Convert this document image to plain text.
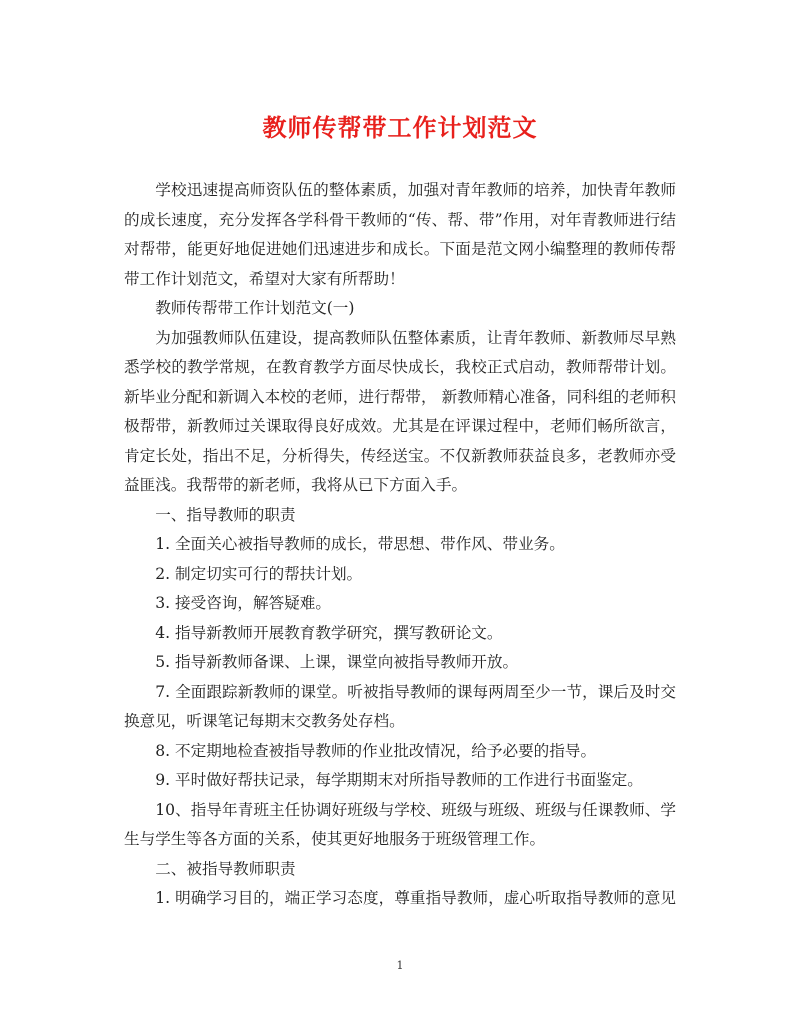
教师传帮带工作计划范文

学校迅速提高师资队伍的整体素质，加强对青年教师的培养，加快青年教师的成长速度，充分发挥各学科骨干教师的“传、帮、带”作用，对年青教师进行结对帮带，能更好地促进她们迅速进步和成长。下面是范文网小编整理的教师传帮带工作计划范文，希望对大家有所帮助！

教师传帮带工作计划范文(一)

为加强教师队伍建设，提高教师队伍整体素质，让青年教师、新教师尽早熟悉学校的教学常规，在教育教学方面尽快成长，我校正式启动，教师帮带计划。新毕业分配和新调入本校的老师，进行帮带， 新教师精心准备，同科组的老师积极帮带，新教师过关课取得良好成效。尤其是在评课过程中，老师们畅所欲言，肯定长处，指出不足，分析得失，传经送宝。不仅新教师获益良多，老教师亦受益匪浅。我帮带的新老师，我将从已下方面入手。

一、指导教师的职责

1. 全面关心被指导教师的成长，带思想、带作风、带业务。

2. 制定切实可行的帮扶计划。

3. 接受咨询，解答疑难。

4. 指导新教师开展教育教学研究，撰写教研论文。

5. 指导新教师备课、上课，课堂向被指导教师开放。

7. 全面跟踪新教师的课堂。听被指导教师的课每两周至少一节，课后及时交换意见，听课笔记每期末交教务处存档。

8. 不定期地检查被指导教师的作业批改情况，给予必要的指导。

9. 平时做好帮扶记录，每学期期末对所指导教师的工作进行书面鉴定。

10、指导年青班主任协调好班级与学校、班级与班级、班级与任课教师、学生与学生等各方面的关系，使其更好地服务于班级管理工作。

二、被指导教师职责

1. 明确学习目的，端正学习态度，尊重指导教师，虚心听取指导教师的意见

1
